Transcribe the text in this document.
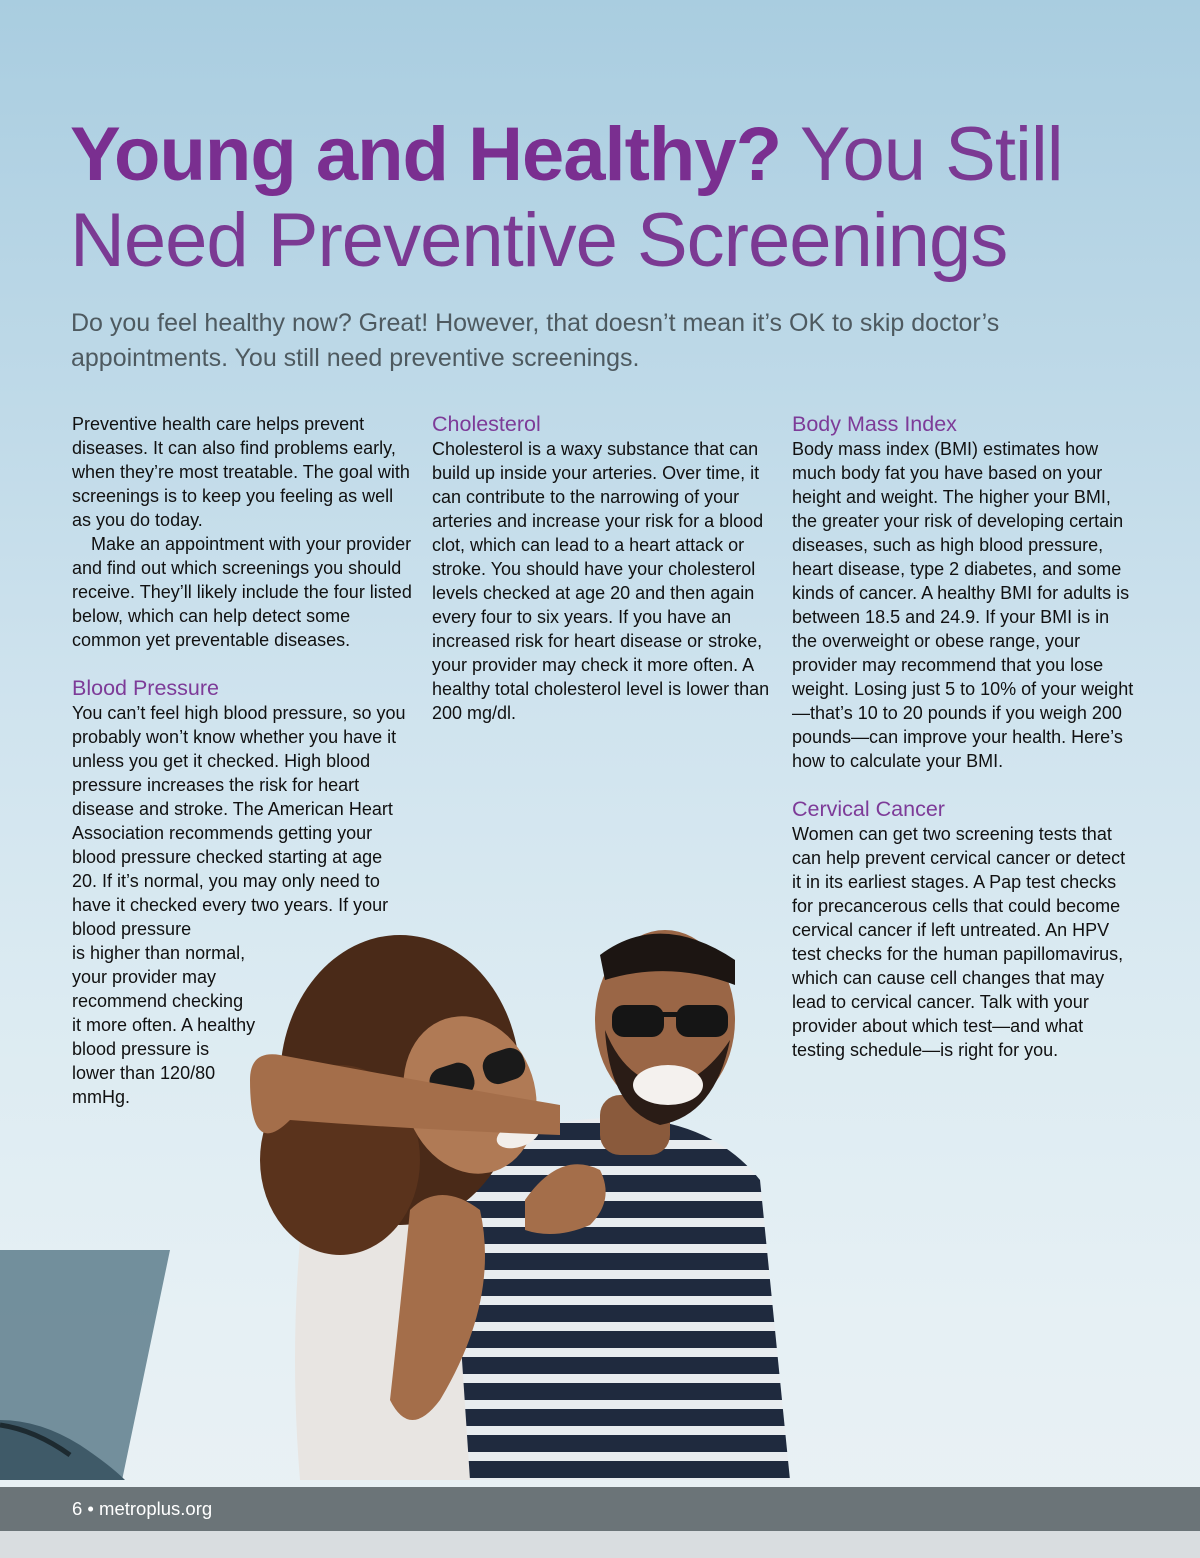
Young and Healthy? You Still Need Preventive Screenings

Do you feel healthy now? Great! However, that doesn’t mean it’s OK to skip doctor’s appointments. You still need preventive screenings.

Preventive health care helps prevent diseases. It can also find problems early, when they’re most treatable. The goal with screenings is to keep you feeling as well as you do today.

Make an appointment with your provider and find out which screenings you should receive. They’ll likely include the four listed below, which can help detect some common yet preventable diseases.

Blood Pressure

You can’t feel high blood pressure, so you probably won’t know whether you have it unless you get it checked. High blood pressure increases the risk for heart disease and stroke. The American Heart Association recommends getting your blood pressure checked starting at age 20. If it’s normal, you may only need to have it checked every two years. If your blood pressure

is higher than normal, your provider may recommend checking it more often. A healthy blood pressure is lower than 120/80 mmHg.

Cholesterol

Cholesterol is a waxy substance that can build up inside your arteries. Over time, it can contribute to the narrowing of your arteries and increase your risk for a blood clot, which can lead to a heart attack or stroke. You should have your cholesterol levels checked at age 20 and then again every four to six years. If you have an increased risk for heart disease or stroke, your provider may check it more often. A healthy total cholesterol level is lower than 200 mg/dl.

Body Mass Index

Body mass index (BMI) estimates how much body fat you have based on your height and weight. The higher your BMI, the greater your risk of developing certain diseases, such as high blood pressure, heart disease, type 2 diabetes, and some kinds of cancer. A healthy BMI for adults is between 18.5 and 24.9. If your BMI is in the overweight or obese range, your provider may recommend that you lose weight. Losing just 5 to 10% of your weight—that’s 10 to 20 pounds if you weigh 200 pounds—can improve your health. Here’s how to calculate your BMI.

Cervical Cancer

Women can get two screening tests that can help prevent cervical cancer or detect it in its earliest stages. A Pap test checks for precancerous cells that could become cervical cancer if left untreated. An HPV test checks for the human papillomavirus, which can cause cell changes that may lead to cervical cancer. Talk with your provider about which test—and what testing schedule—is right for you.

6 • metroplus.org
